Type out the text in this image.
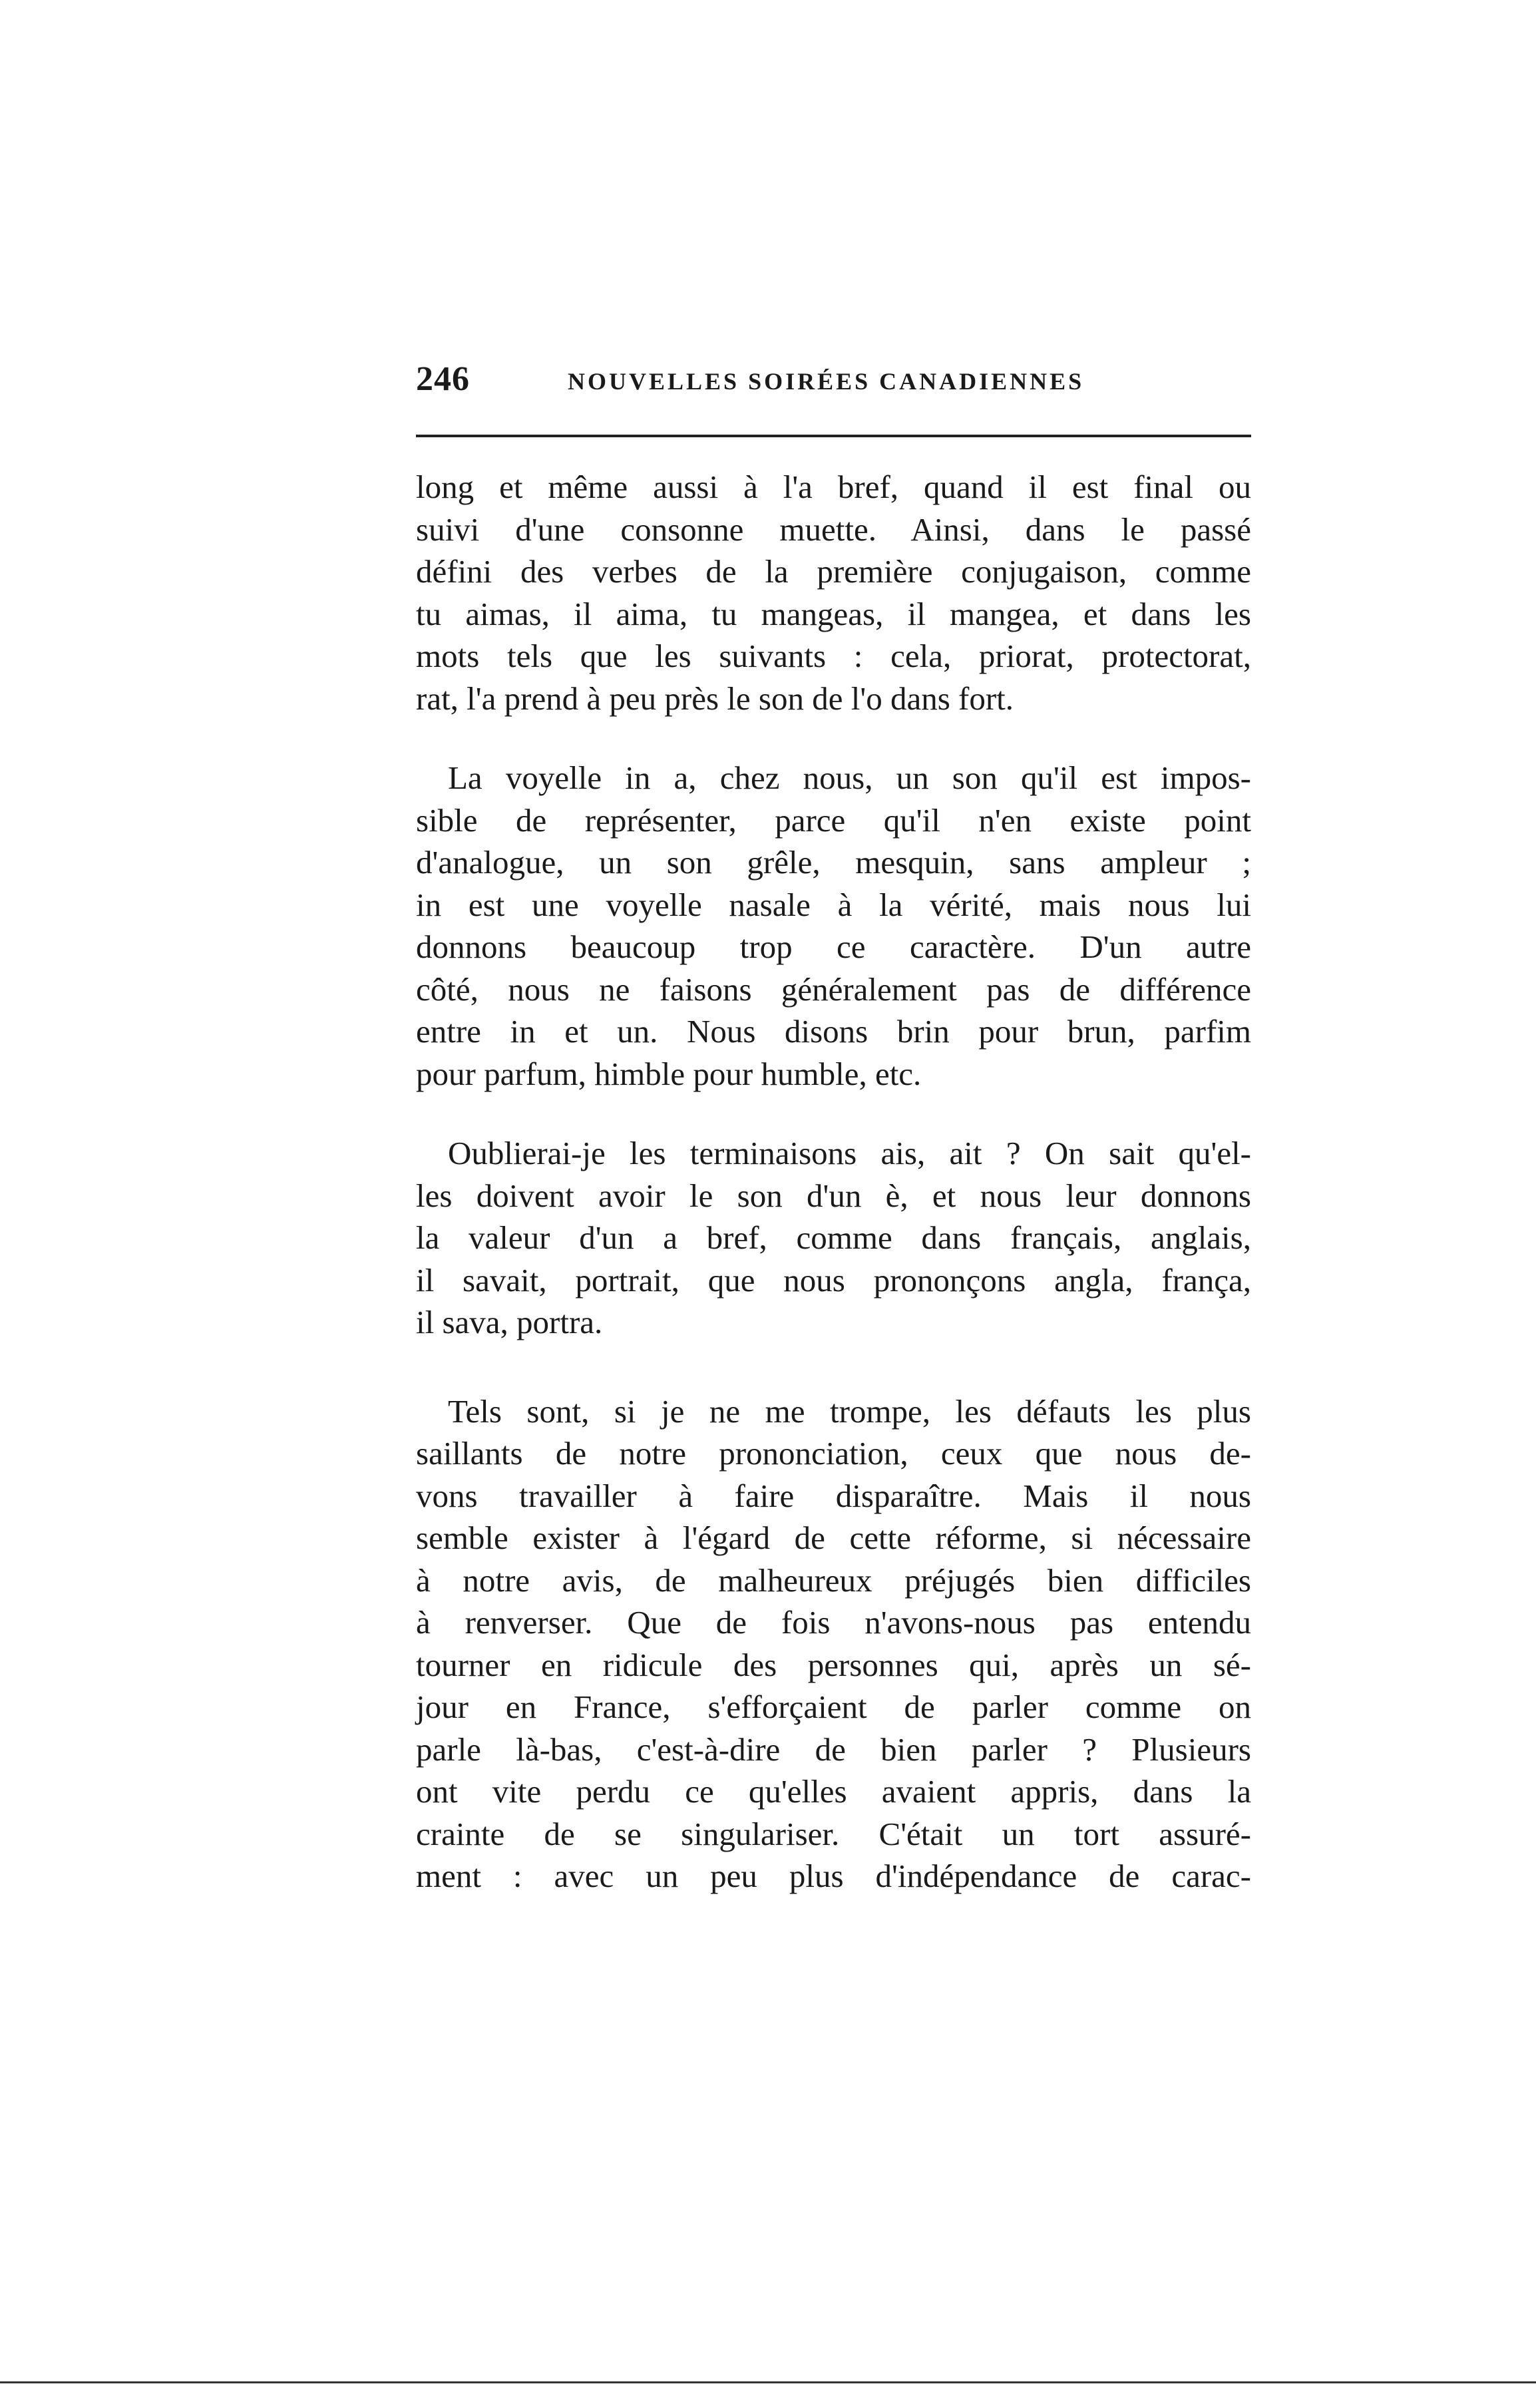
246	NOUVELLES SOIRÉES CANADIENNES

long et même aussi à l'a bref, quand il est final ou
suivi d'une consonne muette. Ainsi, dans le passé
défini des verbes de la première conjugaison, comme
tu aimas, il aima, tu mangeas, il mangea, et dans les
mots tels que les suivants : cela, priorat, protectorat,
rat, l'a prend à peu près le son de l'o dans fort.

La voyelle in a, chez nous, un son qu'il est impos-
sible de représenter, parce qu'il n'en existe point
d'analogue, un son grêle, mesquin, sans ampleur ;
in est une voyelle nasale à la vérité, mais nous lui
donnons beaucoup trop ce caractère. D'un autre
côté, nous ne faisons généralement pas de différence
entre in et un. Nous disons brin pour brun, parfim
pour parfum, himble pour humble, etc.

Oublierai-je les terminaisons ais, ait ? On sait qu'el-
les doivent avoir le son d'un è, et nous leur donnons
la valeur d'un a bref, comme dans français, anglais,
il savait, portrait, que nous prononçons angla, frança,
il sava, portra.

Tels sont, si je ne me trompe, les défauts les plus
saillants de notre prononciation, ceux que nous de-
vons travailler à faire disparaître. Mais il nous
semble exister à l'égard de cette réforme, si nécessaire
à notre avis, de malheureux préjugés bien difficiles
à renverser. Que de fois n'avons-nous pas entendu
tourner en ridicule des personnes qui, après un sé-
jour en France, s'efforçaient de parler comme on
parle là-bas, c'est-à-dire de bien parler ? Plusieurs
ont vite perdu ce qu'elles avaient appris, dans la
crainte de se singulariser. C'était un tort assuré-
ment : avec un peu plus d'indépendance de carac-
